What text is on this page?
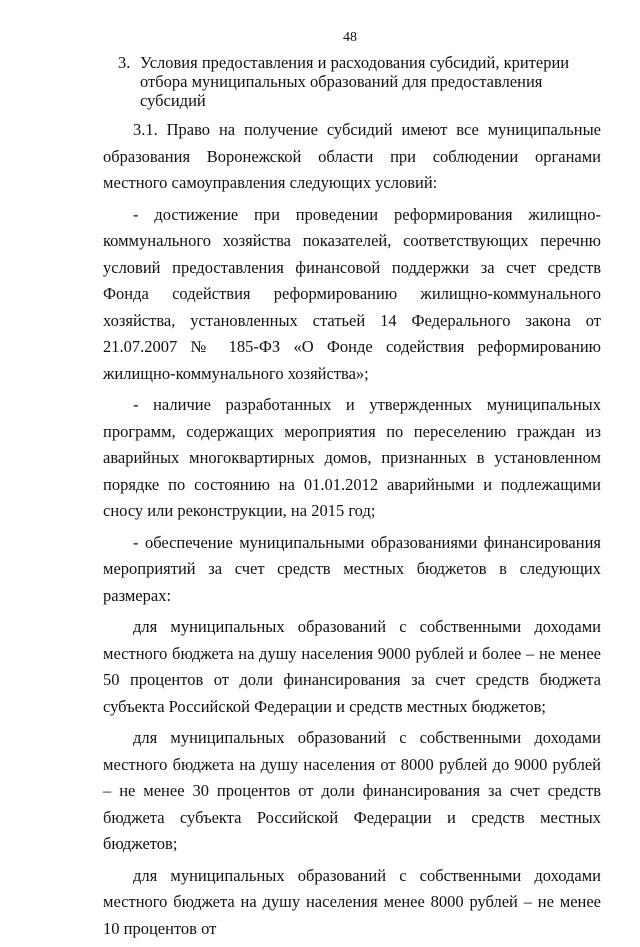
48
3. Условия предоставления и расходования субсидий, критерии отбора муниципальных образований для предоставления субсидий

3.1. Право на получение субсидий имеют все муниципальные образования Воронежской области при соблюдении органами местного самоуправления следующих условий:

- достижение при проведении реформирования жилищно-коммунального хозяйства показателей, соответствующих перечню условий предоставления финансовой поддержки за счет средств Фонда содействия реформированию жилищно-коммунального хозяйства, установленных статьей 14 Федерального закона от 21.07.2007 № 185-ФЗ «О Фонде содействия реформированию жилищно-коммунального хозяйства»;

- наличие разработанных и утвержденных муниципальных программ, содержащих мероприятия по переселению граждан из аварийных многоквартирных домов, признанных в установленном порядке по состоянию на 01.01.2012 аварийными и подлежащими сносу или реконструкции, на 2015 год;

- обеспечение муниципальными образованиями финансирования мероприятий за счет средств местных бюджетов в следующих размерах:

для муниципальных образований с собственными доходами местного бюджета на душу населения 9000 рублей и более – не менее 50 процентов от доли финансирования за счет средств бюджета субъекта Российской Федерации и средств местных бюджетов;

для муниципальных образований с собственными доходами местного бюджета на душу населения от 8000 рублей до 9000 рублей – не менее 30 процентов от доли финансирования за счет средств бюджета субъекта Российской Федерации и средств местных бюджетов;

для муниципальных образований с собственными доходами местного бюджета на душу населения менее 8000 рублей – не менее 10 процентов от
